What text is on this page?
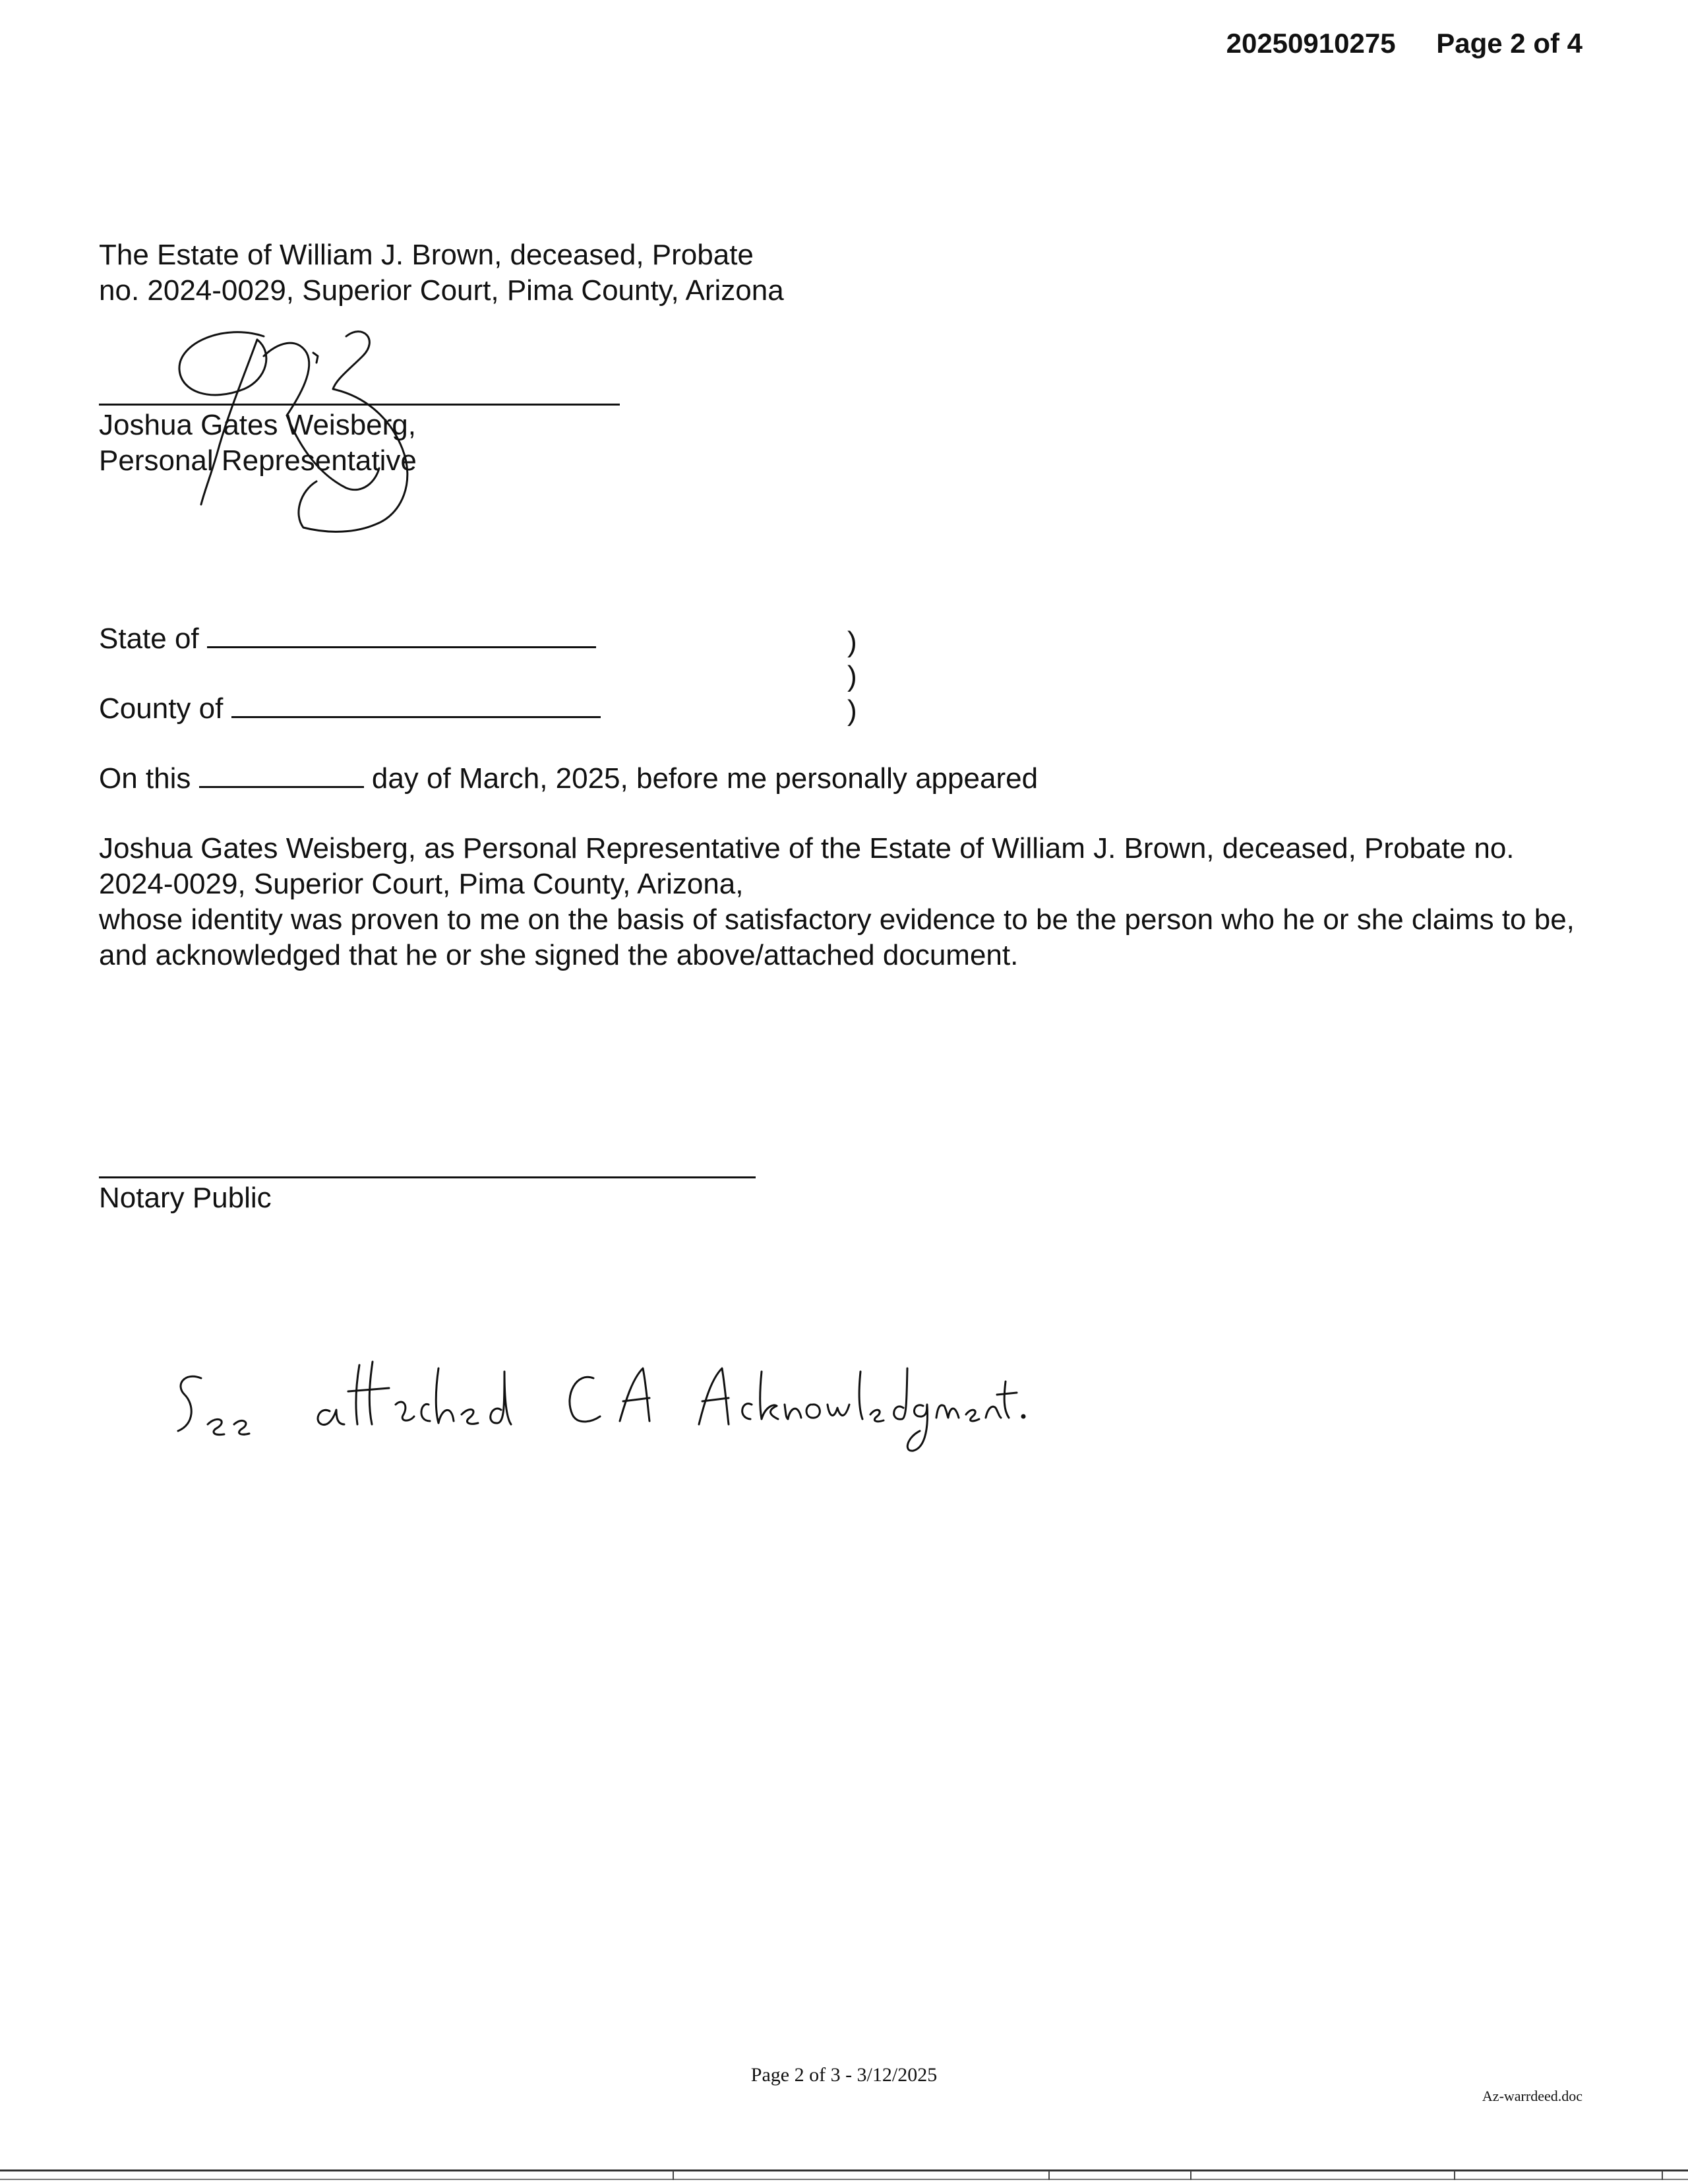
20250910275 Page 2 of 4
The Estate of William J. Brown, deceased, Probate
no. 2024-0029, Superior Court, Pima County, Arizona
Joshua Gates Weisberg,
Personal Representative
State of
County of
)
)
)
On this	day of March, 2025, before me personally appeared

Joshua Gates Weisberg, as Personal Representative of the Estate of William J. Brown, deceased, Probate no. 2024-0029, Superior Court, Pima County, Arizona,

whose identity was proven to me on the basis of satisfactory evidence to be the person who he or she claims to be, and acknowledged that he or she signed the above/attached document.

Notary Public
Page 2 of 3 - 3/12/2025
Az-warrdeed.doc
